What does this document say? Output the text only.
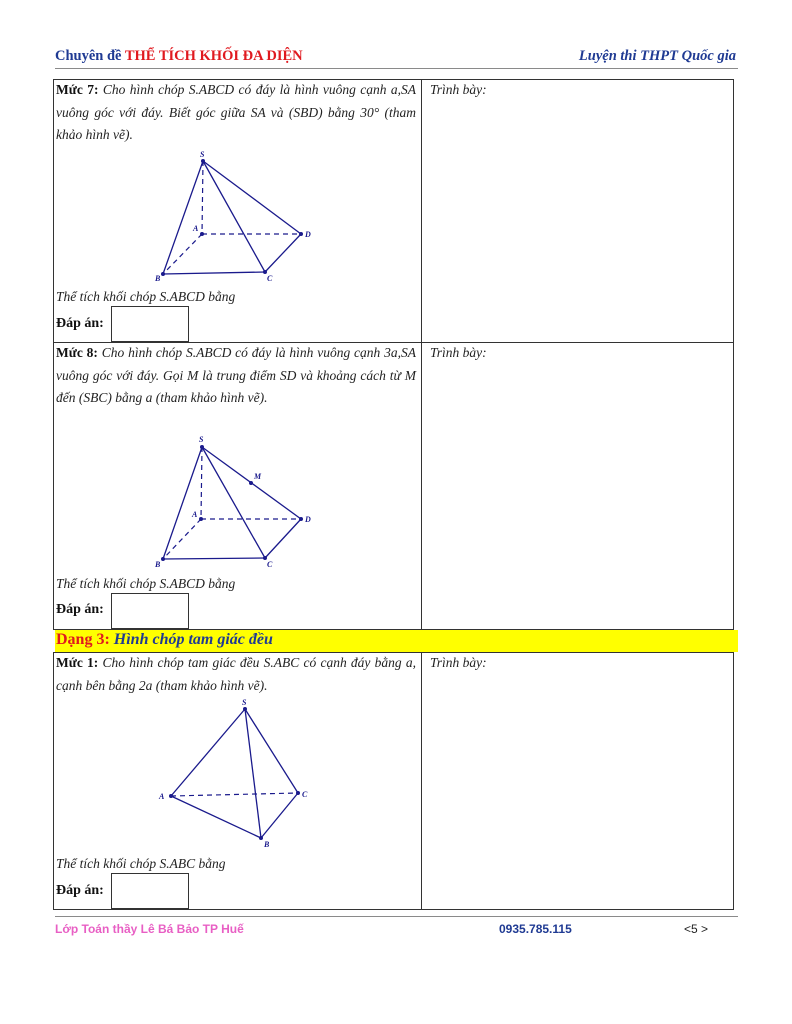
Chuyên đề THỂ TÍCH KHỐI ĐA DIỆN	Luyện thi THPT Quốc gia
Mức 7: Cho hình chóp S.ABCD có đáy là hình vuông cạnh a,SA vuông góc với đáy. Biết góc giữa SA và (SBD) bằng 30° (tham khảo hình vẽ).
S
A
B	C
D
Thể tích khối chóp S.ABCD bằng
Đáp án:
Trình bày:
Mức 8: Cho hình chóp S.ABCD có đáy là hình vuông cạnh 3a,SA vuông góc với đáy. Gọi M là trung điểm SD và khoảng cách từ M đến (SBC) bằng a (tham khảo hình vẽ).
S
A
B	C
D
M
Thể tích khối chóp S.ABCD bằng
Đáp án:
Trình bày:
Dạng 3: Hình chóp tam giác đều
Mức 1: Cho hình chóp tam giác đều S.ABC có cạnh đáy bằng a, cạnh bên bằng 2a (tham khảo hình vẽ).
S
A
B
C
Thể tích khối chóp S.ABC bằng
Đáp án:
Trình bày:
Lớp Toán thầy Lê Bá Bảo TP Huế	0935.785.115	<5 >
